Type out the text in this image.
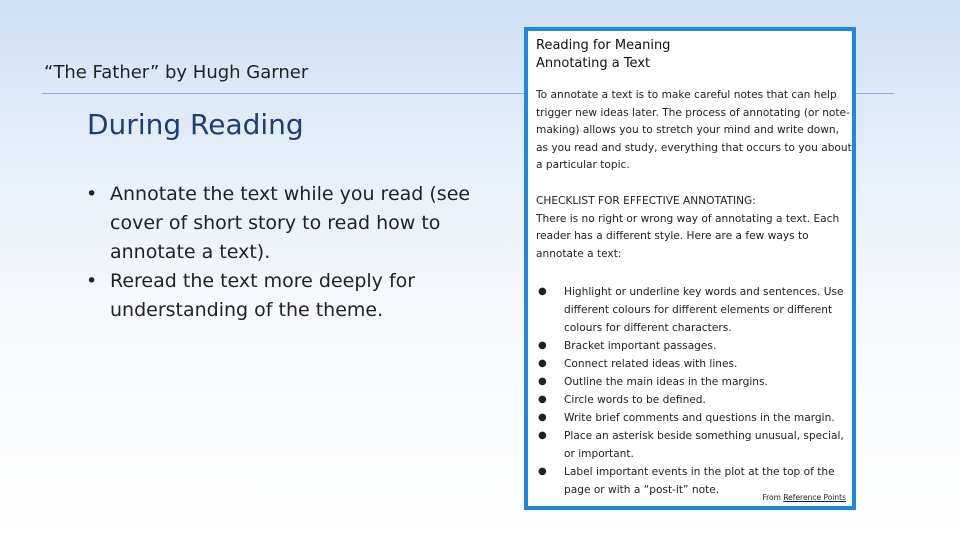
“The Father” by Hugh Garner
During Reading
• Annotate the text while you read (see cover of short story to read how to annotate a text).
• Reread the text more deeply for understanding of the theme.
Reading for Meaning
Annotating a Text
To annotate a text is to make careful notes that can help trigger new ideas later. The process of annotating (or note-making) allows you to stretch your mind and write down, as you read and study, everything that occurs to you about a particular topic.
CHECKLIST FOR EFFECTIVE ANNOTATING:
There is no right or wrong way of annotating a text. Each reader has a different style. Here are a few ways to annotate a text:
● Highlight or underline key words and sentences. Use different colours for different elements or different colours for different characters.
● Bracket important passages.
● Connect related ideas with lines.
● Outline the main ideas in the margins.
● Circle words to be defined.
● Write brief comments and questions in the margin.
● Place an asterisk beside something unusual, special, or important.
● Label important events in the plot at the top of the page or with a “post-it” note.
From Reference Points
